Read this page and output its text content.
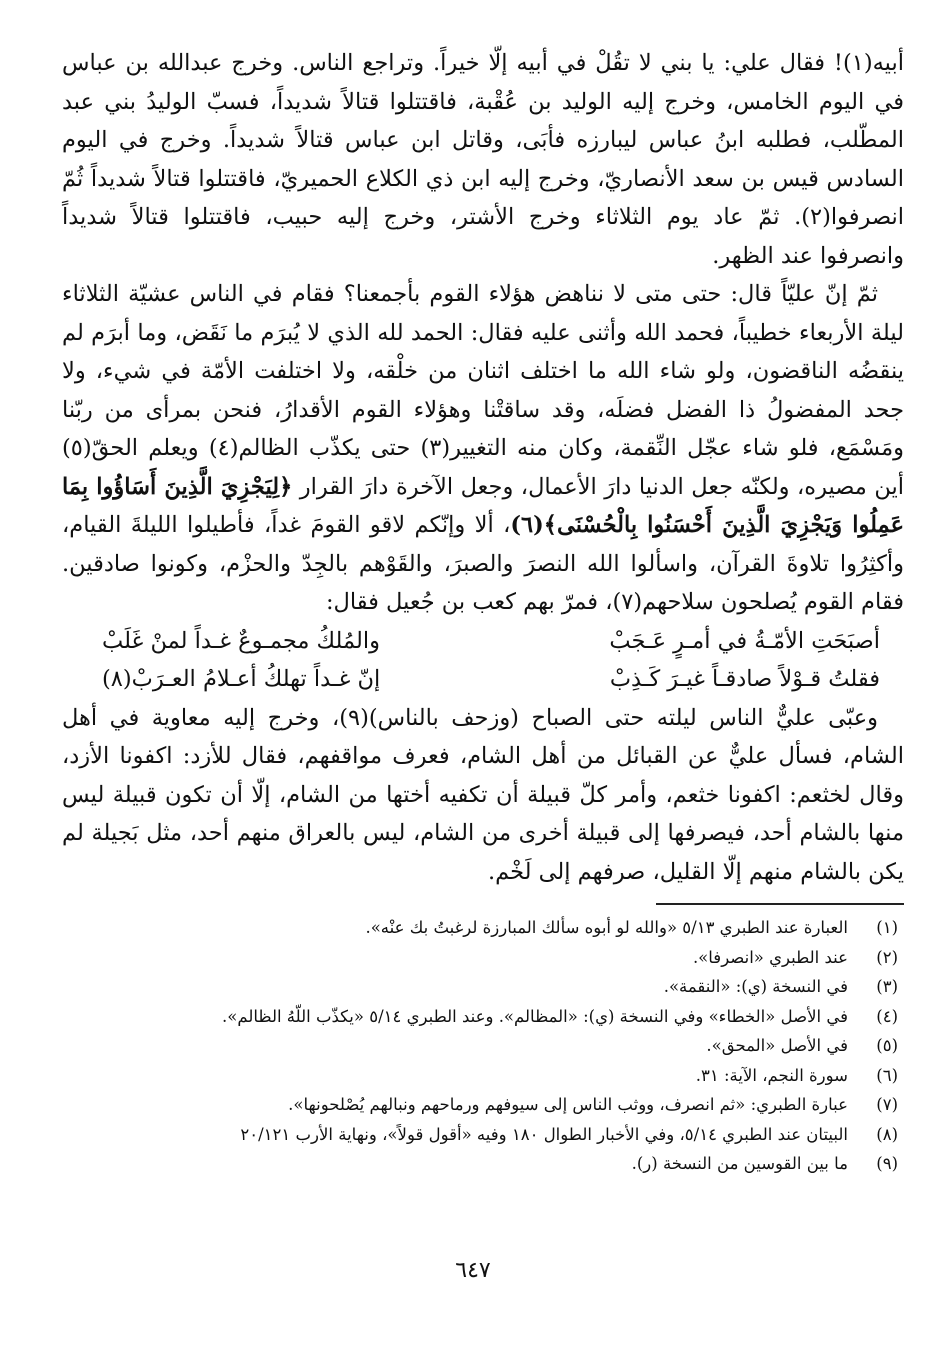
أبيه(١)! فقال علي: يا بني لا تقُلْ في أبيه إلّا خيراً. وتراجع الناس. وخرج عبدالله بن عباس في اليوم الخامس، وخرج إليه الوليد بن عُقْبة، فاقتتلوا قتالاً شديداً، فسبّ الوليدُ بني عبد المطّلب، فطلبه ابنُ عباس ليبارزه فأبَى، وقاتل ابن عباس قتالاً شديداً. وخرج في اليوم السادس قيس بن سعد الأنصاريّ، وخرج إليه ابن ذي الكلاع الحميريّ، فاقتتلوا قتالاً شديداً ثُمّ انصرفوا(٢). ثمّ عاد يوم الثلاثاء وخرج الأشتر، وخرج إليه حبيب، فاقتتلوا قتالاً شديداً وانصرفوا عند الظهر.

ثمّ إنّ عليّاً قال: حتى متى لا نناهض هؤلاء القوم بأجمعنا؟ فقام في الناس عشيّة الثلاثاء ليلة الأربعاء خطيباً، فحمد الله وأثنى عليه فقال: الحمد لله الذي لا يُبرَم ما نَقَض، وما أبرَم لم ينقضُه الناقضون، ولو شاء الله ما اختلف اثنان من خلْقه، ولا اختلفت الأمّة في شيء، ولا جحد المفضولُ ذا الفضل فضلَه، وقد ساقتْنا وهؤلاء القوم الأقدارُ، فنحن بمرأى من ربّنا ومَسْمَع، فلو شاء عجّل النِّقمة، وكان منه التغيير(٣) حتى يكذّب الظالم(٤) ويعلم الحقّ(٥) أين مصيره، ولكنّه جعل الدنيا دارَ الأعمال، وجعل الآخرة دارَ القرار ﴿لِيَجْزِيَ الَّذِينَ أَسَاؤُوا بِمَا عَمِلُوا وَيَجْزِيَ الَّذِينَ أَحْسَنُوا بِالْحُسْنَى﴾(٦)، ألا وإنّكم لاقو القومَ غداً، فأطيلوا الليلةَ القيام، وأكثِرُوا تلاوةَ القرآن، واسألوا الله النصرَ والصبرَ، والقَوْهم بالجِدّ والحزْم، وكونوا صادقين. فقام القوم يُصلحون سلاحهم(٧)، فمرّ بهم كعب بن جُعيل فقال:

أصبَحَتِ الأمّـةُ في أمـرٍ عَـجَبْ
والمُلكُ مجمـوعٌ غـداً لمنْ غَلَبْ
فقلتُ قـوْلاً صادقـاً غيـرَ كَـذِبْ
إنّ غـداً تهلكُ أعـلامُ العـرَبْ(٨)

وعبّى عليٌّ الناس ليلته حتى الصباح (وزحف بالناس)(٩)، وخرج إليه معاوية في أهل الشام، فسأل عليٌّ عن القبائل من أهل الشام، فعرف مواقفهم، فقال للأزد: اكفونا الأزد، وقال لخثعم: اكفونا خثعم، وأمر كلّ قبيلة أن تكفيه أختها من الشام، إلّا أن تكون قبيلة ليس منها بالشام أحد، فيصرفها إلى قبيلة أخرى من الشام، ليس بالعراق منهم أحد، مثل بَجيلة لم يكن بالشام منهم إلّا القليل، صرفهم إلى لَخْم.

(١)
العبارة عند الطبري ٥/١٣ «والله لو أبوه سألك المبارزة لرغبتُ بك عنْه».
(٢)
عند الطبري «انصرفا».
(٣)
في النسخة (ي): «النقمة».
(٤)
في الأصل «الخطاء» وفي النسخة (ي): «المظالم». وعند الطبري ٥/١٤ «يكذّب اللّهُ الظالم».
(٥)
في الأصل «المحق».
(٦)
سورة النجم، الآية: ٣١.
(٧)
عبارة الطبري: «ثم انصرف، ووثب الناس إلى سيوفهم ورماحهم ونبالهم يُصْلحونها».
(٨)
البيتان عند الطبري ٥/١٤، وفي الأخبار الطوال ١٨٠ وفيه «أقول قولاً»، ونهاية الأرب ٢٠/١٢١
(٩)
ما بين القوسين من النسخة (ر).
٦٤٧
